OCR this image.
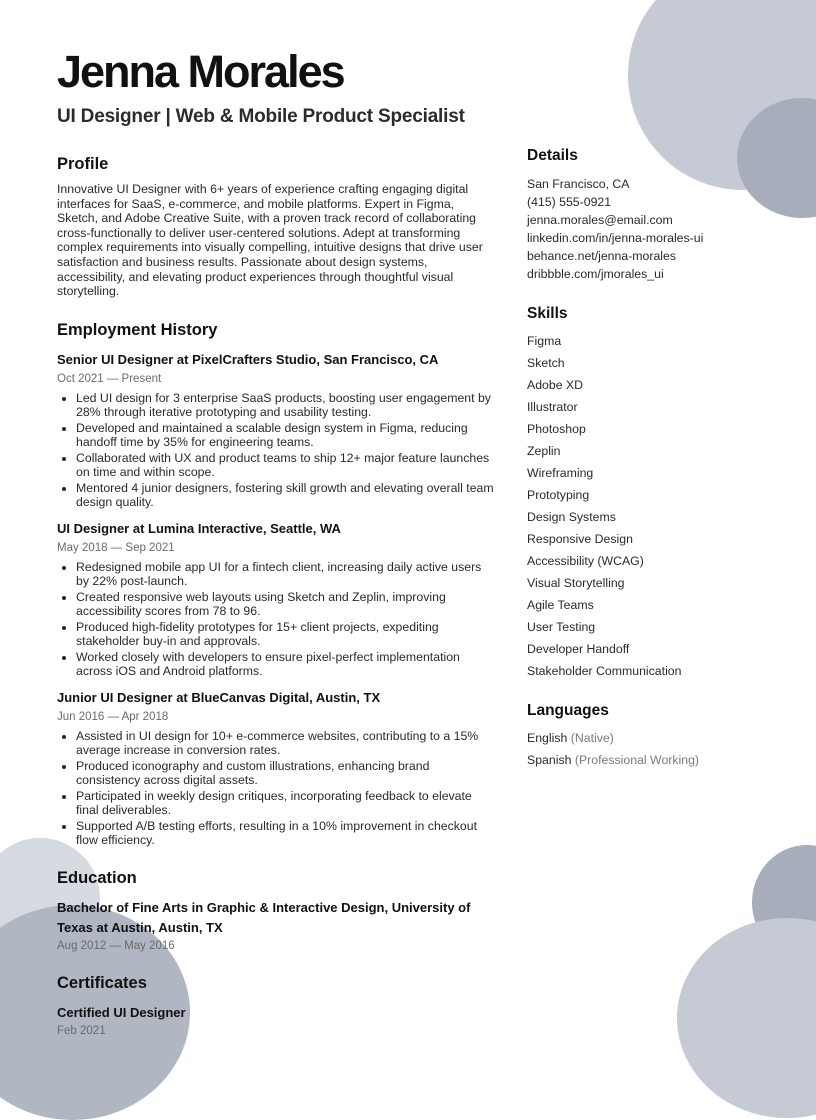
Jenna Morales
UI Designer | Web & Mobile Product Specialist
Profile

Innovative UI Designer with 6+ years of experience crafting engaging digital interfaces for SaaS, e-commerce, and mobile platforms. Expert in Figma, Sketch, and Adobe Creative Suite, with a proven track record of collaborating cross-functionally to deliver user-centered solutions. Adept at transforming complex requirements into visually compelling, intuitive designs that drive user satisfaction and business results. Passionate about design systems, accessibility, and elevating product experiences through thoughtful visual storytelling.

Employment History
Senior UI Designer at PixelCrafters Studio, San Francisco, CA
Oct 2021 — Present
• Led UI design for 3 enterprise SaaS products, boosting user engagement by 28% through iterative prototyping and usability testing.
• Developed and maintained a scalable design system in Figma, reducing handoff time by 35% for engineering teams.
• Collaborated with UX and product teams to ship 12+ major feature launches on time and within scope.
• Mentored 4 junior designers, fostering skill growth and elevating overall team design quality.
UI Designer at Lumina Interactive, Seattle, WA
May 2018 — Sep 2021
• Redesigned mobile app UI for a fintech client, increasing daily active users by 22% post-launch.
• Created responsive web layouts using Sketch and Zeplin, improving accessibility scores from 78 to 96.
• Produced high-fidelity prototypes for 15+ client projects, expediting stakeholder buy-in and approvals.
• Worked closely with developers to ensure pixel-perfect implementation across iOS and Android platforms.
Junior UI Designer at BlueCanvas Digital, Austin, TX
Jun 2016 — Apr 2018
• Assisted in UI design for 10+ e-commerce websites, contributing to a 15% average increase in conversion rates.
• Produced iconography and custom illustrations, enhancing brand consistency across digital assets.
• Participated in weekly design critiques, incorporating feedback to elevate final deliverables.
• Supported A/B testing efforts, resulting in a 10% improvement in checkout flow efficiency.
Education
Bachelor of Fine Arts in Graphic & Interactive Design, University of Texas at Austin, Austin, TX
Aug 2012 — May 2016
Certificates
Certified UI Designer
Feb 2021
Details
San Francisco, CA
(415) 555-0921
jenna.morales@email.com
linkedin.com/in/jenna-morales-ui
behance.net/jenna-morales
dribbble.com/jmorales_ui
Skills
Figma
Sketch
Adobe XD
Illustrator
Photoshop
Zeplin
Wireframing
Prototyping
Design Systems
Responsive Design
Accessibility (WCAG)
Visual Storytelling
Agile Teams
User Testing
Developer Handoff
Stakeholder Communication
Languages
English (Native)
Spanish (Professional Working)
